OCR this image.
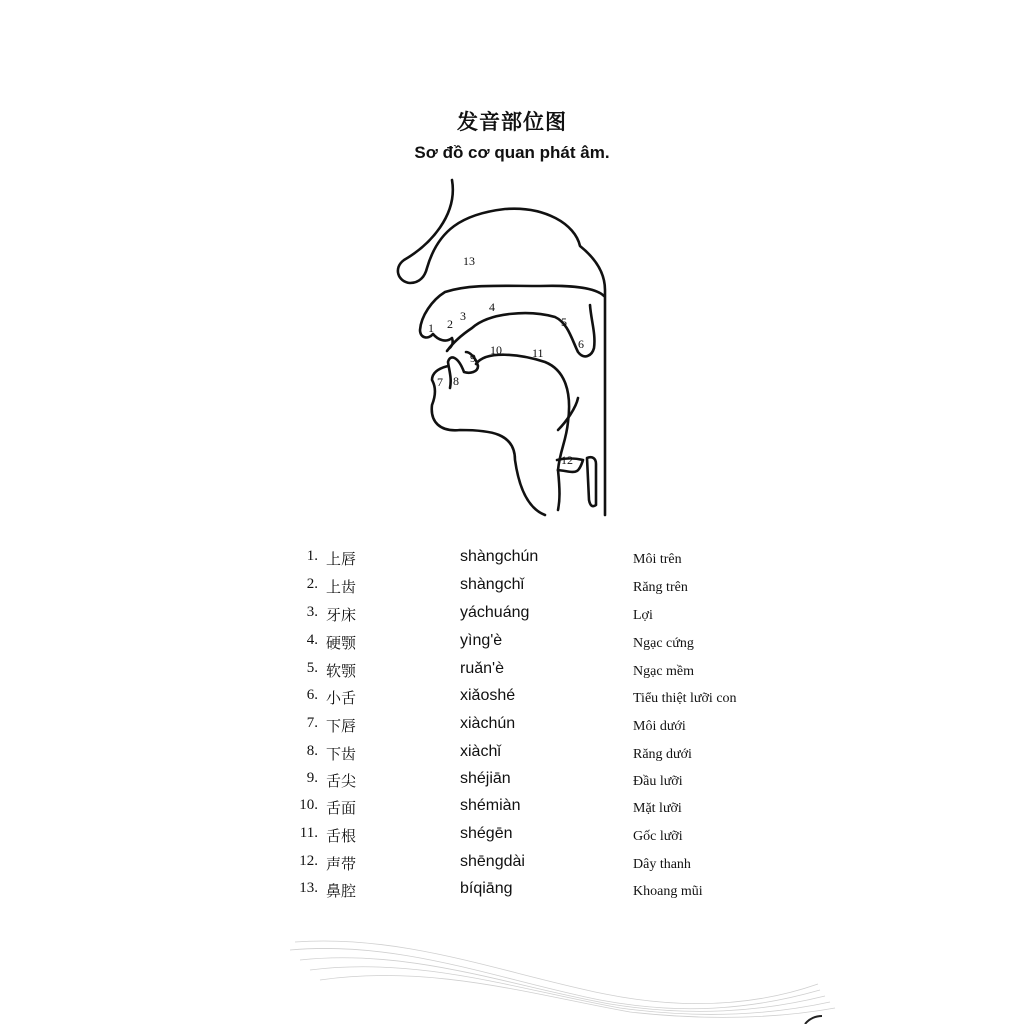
发音部位图
Sơ đồ cơ quan phát âm.
1 2
3
4
5
6
7 8
9
10	11
12
13
1. 上唇	shàngchún	Môi trên
2. 上齿	shàngchǐ	Răng trên
3. 牙床	yáchuáng	Lợi
4. 硬颚	yìng'è	Ngạc cứng
5. 软颚	ruǎn'è	Ngạc mềm
6. 小舌	xiǎoshé	Tiểu thiệt lưỡi con
7. 下唇	xiàchún	Môi dưới
8. 下齿	xiàchǐ	Răng dưới
9. 舌尖	shéjiān	Đầu lưỡi
10. 舌面	shémiàn	Mặt lưỡi
11. 舌根	shégēn	Gốc lưỡi
12. 声带	shēngdài	Dây thanh
13. 鼻腔	bíqiāng	Khoang mũi
